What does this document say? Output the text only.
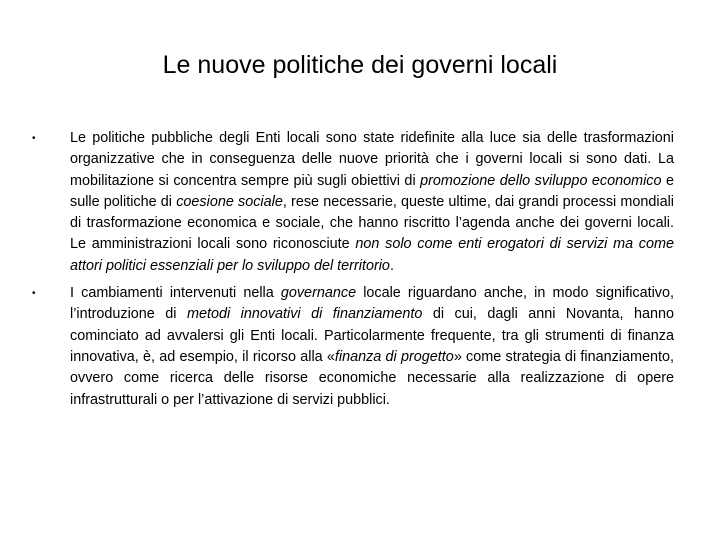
Le nuove politiche dei governi locali
• Le politiche pubbliche degli Enti locali sono state ridefinite alla luce sia delle trasformazioni organizzative che in conseguenza delle nuove priorità che i governi locali si sono dati. La mobilitazione si concentra sempre più sugli obiettivi di promozione dello sviluppo economico e sulle politiche di coesione sociale, rese necessarie, queste ultime, dai grandi processi mondiali di trasformazione economica e sociale, che hanno riscritto l’agenda anche dei governi locali. Le amministrazioni locali sono riconosciute non solo come enti erogatori di servizi ma come attori politici essenziali per lo sviluppo del territorio.
• I cambiamenti intervenuti nella governance locale riguardano anche, in modo significativo, l’introduzione di metodi innovativi di finanziamento di cui, dagli anni Novanta, hanno cominciato ad avvalersi gli Enti locali. Particolarmente frequente, tra gli strumenti di finanza innovativa, è, ad esempio, il ricorso alla «finanza di progetto» come strategia di finanziamento, ovvero come ricerca delle risorse economiche necessarie alla realizzazione di opere infrastrutturali o per l’attivazione di servizi pubblici.
